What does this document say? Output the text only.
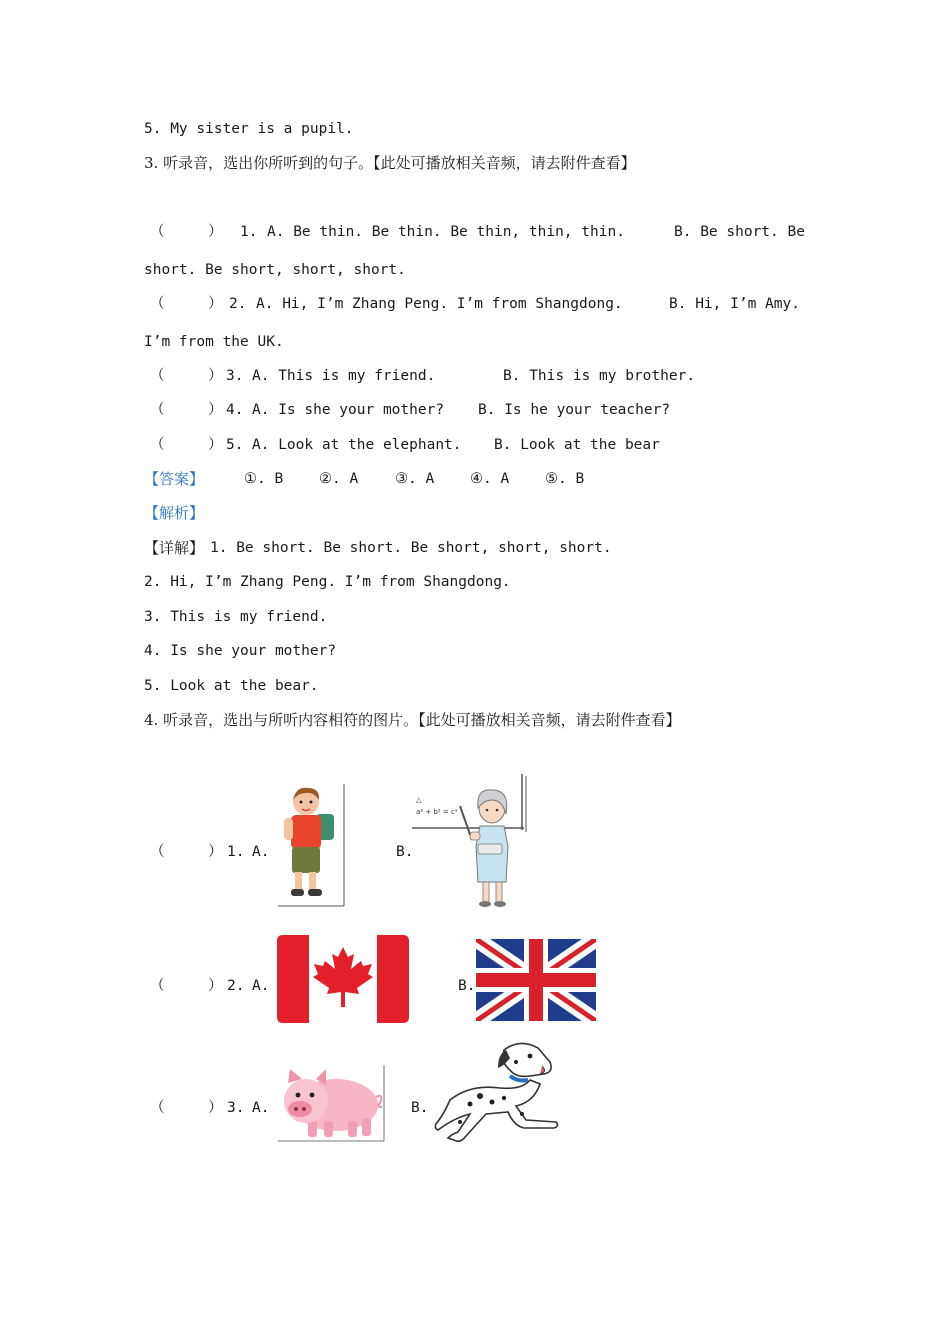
5. My sister is a pupil.
3. 听录音，选出你所听到的句子。【此处可播放相关音频，请去附件查看】
（     ） 1. A. Be thin. Be thin. Be thin, thin, thin.	B. Be short. Be
short. Be short, short, short.
（     ） 2. A. Hi, I’m Zhang Peng. I’m from Shangdong.	B. Hi, I’m Amy.
I’m from the UK.
（     ） 3. A. This is my friend.	B. This is my brother.
（     ） 4. A. Is she your mother? B. Is he your teacher?
（     ） 5. A. Look at the elephant. B. Look at the bear
【答案】	①. B ②. A	③. A ④. A ⑤. B
【解析】
【详解】 1. Be short. Be short. Be short, short, short.
2. Hi, I’m Zhang Peng. I’m from Shangdong.
3. This is my friend.
4. Is she your mother?
5. Look at the bear.
4. 听录音，选出与所听内容相符的图片。【此处可播放相关音频，请去附件查看】
（     ） 1. A.	B.
△
a² + b² = c²
（     ） 2. A.	B.
（     ） 3. A.	B.
